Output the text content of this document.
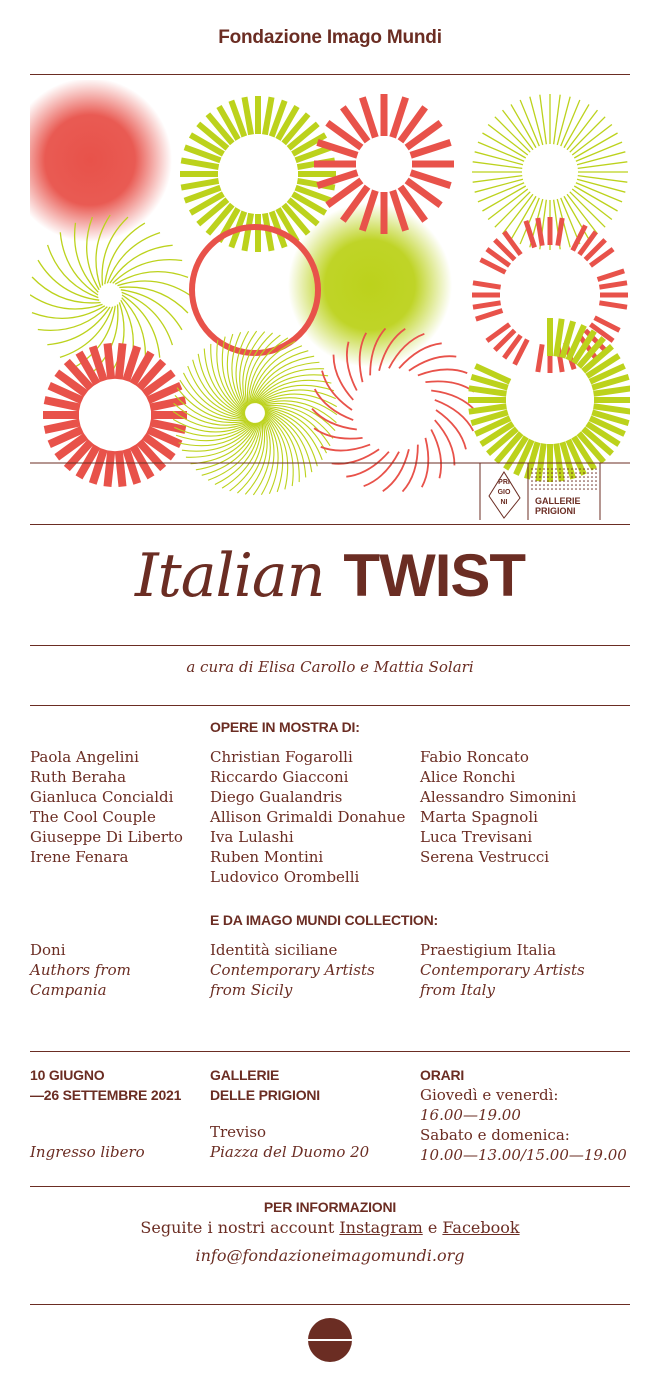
Fondazione Imago Mundi
PRI
GIO
NI	GALLERIE
PRIGIONI
Italian TWIST
a cura di Elisa Carollo e Mattia Solari
OPERE IN MOSTRA DI:
Paola Angelini
Ruth Beraha
Gianluca Concialdi
The Cool Couple
Giuseppe Di Liberto
Irene Fenara
Christian Fogarolli
Riccardo Giacconi
Diego Gualandris
Allison Grimaldi Donahue
Iva Lulashi
Ruben Montini
Ludovico Orombelli
Fabio Roncato
Alice Ronchi
Alessandro Simonini
Marta Spagnoli
Luca Trevisani
Serena Vestrucci
E DA IMAGO MUNDI COLLECTION:
Doni
Authors from
Campania
Identità siciliane
Contemporary Artists
from Sicily
Praestigium Italia
Contemporary Artists
from Italy
10 GIUGNO
—26 SETTEMBRE 2021
Ingresso libero
GALLERIE
DELLE PRIGIONI
Treviso
Piazza del Duomo 20
ORARI
Giovedì e venerdì:
16.00—19.00
Sabato e domenica:
10.00—13.00/15.00—19.00
PER INFORMAZIONI
Seguite i nostri account Instagram e Facebook
info@fondazioneimagomundi.org
